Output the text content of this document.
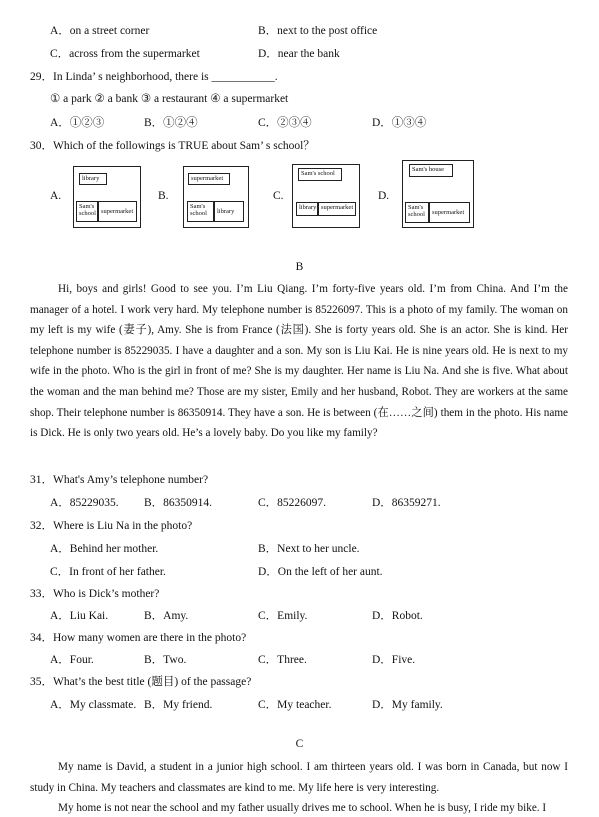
A．on a street corner	B．next to the post office
C．across from the supermarket	D．near the bank
29．In Linda’ s neighborhood, there is ___________.
① a park ② a bank ③ a restaurant ④ a supermarket
A．①②③	B．①②④	C．②③④	D．①③④
30．Which of the followings is TRUE about Sam’ s school？
A.	B.	C.	D.
library
Sam's school supermarket
supermarket
Sam's school	library
Sam's school
library supermarket
Sam's house
Sam's school	supermarket
B
Hi, boys and girls! Good to see you. I’m Liu Qiang. I’m forty-five years old. I’m from China. And I’m the manager of a hotel. I work very hard. My telephone number is 85226097. This is a photo of my family. The woman on my left is my wife (妻子), Amy. She is from France (法国). She is forty years old. She is an actor. She is kind. Her telephone number is 85229035. I have a daughter and a son. My son is Liu Kai. He is nine years old. He is next to my wife in the photo. Who is the girl in front of me? She is my daughter. Her name is Liu Na. And she is five. What about the woman and the man behind me? Those are my sister, Emily and her husband, Robot. They are workers at the same shop. Their telephone number is 86350914. They have a son. He is between (在……之间) them in the photo. His name is Dick. He is only two years old. He’s a lovely baby. Do you like my family?
31．What's Amy’s telephone number?
A．85229035. B．86350914.	C．85226097.	D．86359271.
32．Where is Liu Na in the photo?
A．Behind her mother.	B．Next to her uncle.
C．In front of her father.	D．On the left of her aunt.
33．Who is Dick’s mother?
A．Liu Kai.	B．Amy.	C．Emily.	D．Robot.
34．How many women are there in the photo?
A．Four.	B．Two.	C．Three.	D．Five.
35．What’s the best title (题目) of the passage?
A．My classmate. B．My friend.	C．My teacher.	D．My family.
C
My name is David, a student in a junior high school. I am thirteen years old. I was born in Canada, but now I study in China. My teachers and classmates are kind to me. My life here is very interesting.
My home is not near the school and my father usually drives me to school. When he is busy, I ride my bike. I
